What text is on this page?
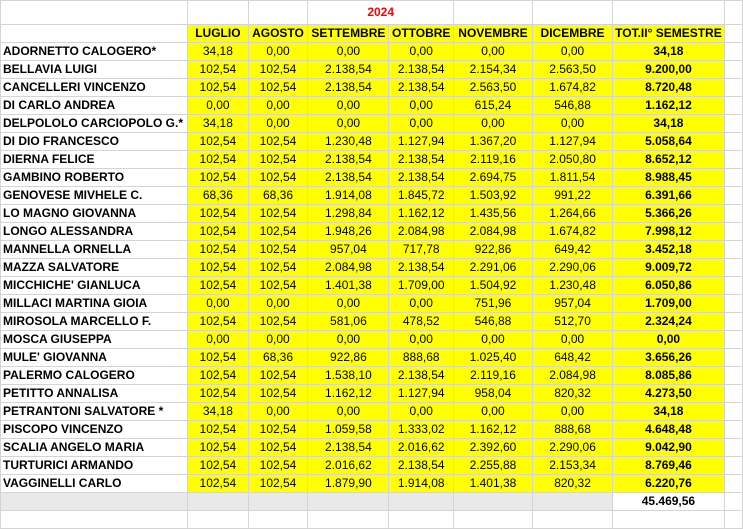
			2024					
	LUGLIO	AGOSTO	SETTEMBRE	OTTOBRE	NOVEMBRE	DICEMBRE	TOT.II° SEMESTRE	
ADORNETTO CALOGERO*	34,18	0,00	0,00	0,00	0,00	0,00	34,18	
BELLAVIA LUIGI	102,54	102,54	2.138,54	2.138,54	2.154,34	2.563,50	9.200,00	
CANCELLERI VINCENZO	102,54	102,54	2.138,54	2.138,54	2.563,50	1.674,82	8.720,48	
DI CARLO ANDREA	0,00	0,00	0,00	0,00	615,24	546,88	1.162,12	
DELPOLOLO CARCIOPOLO G.*	34,18	0,00	0,00	0,00	0,00	0,00	34,18	
DI DIO FRANCESCO	102,54	102,54	1.230,48	1.127,94	1.367,20	1.127,94	5.058,64	
DIERNA FELICE	102,54	102,54	2.138,54	2.138,54	2.119,16	2.050,80	8.652,12	
GAMBINO ROBERTO	102,54	102,54	2.138,54	2.138,54	2.694,75	1.811,54	8.988,45	
GENOVESE MIVHELE C.	68,36	68,36	1.914,08	1.845,72	1.503,92	991,22	6.391,66	
LO MAGNO GIOVANNA	102,54	102,54	1.298,84	1.162,12	1.435,56	1.264,66	5.366,26	
LONGO ALESSANDRA	102,54	102,54	1.948,26	2.084,98	2.084,98	1.674,82	7.998,12	
MANNELLA ORNELLA	102,54	102,54	957,04	717,78	922,86	649,42	3.452,18	
MAZZA SALVATORE	102,54	102,54	2.084,98	2.138,54	2.291,06	2.290,06	9.009,72	
MICCHICHE' GIANLUCA	102,54	102,54	1.401,38	1.709,00	1.504,92	1.230,48	6.050,86	
MILLACI MARTINA GIOIA	0,00	0,00	0,00	0,00	751,96	957,04	1.709,00	
MIROSOLA MARCELLO F.	102,54	102,54	581,06	478,52	546,88	512,70	2.324,24	
MOSCA GIUSEPPA	0,00	0,00	0,00	0,00	0,00	0,00	0,00	
MULE' GIOVANNA	102,54	68,36	922,86	888,68	1.025,40	648,42	3.656,26	
PALERMO CALOGERO	102,54	102,54	1.538,10	2.138,54	2.119,16	2.084,98	8.085,86	
PETITTO ANNALISA	102,54	102,54	1.162,12	1.127,94	958,04	820,32	4.273,50	
PETRANTONI SALVATORE *	34,18	0,00	0,00	0,00	0,00	0,00	34,18	
PISCOPO VINCENZO	102,54	102,54	1.059,58	1.333,02	1.162,12	888,68	4.648,48	
SCALIA ANGELO MARIA	102,54	102,54	2.138,54	2.016,62	2.392,60	2.290,06	9.042,90	
TURTURICI ARMANDO	102,54	102,54	2.016,62	2.138,54	2.255,88	2.153,34	8.769,46	
VAGGINELLI CARLO	102,54	102,54	1.879,90	1.914,08	1.401,38	820,32	6.220,76	
							45.469,56	
